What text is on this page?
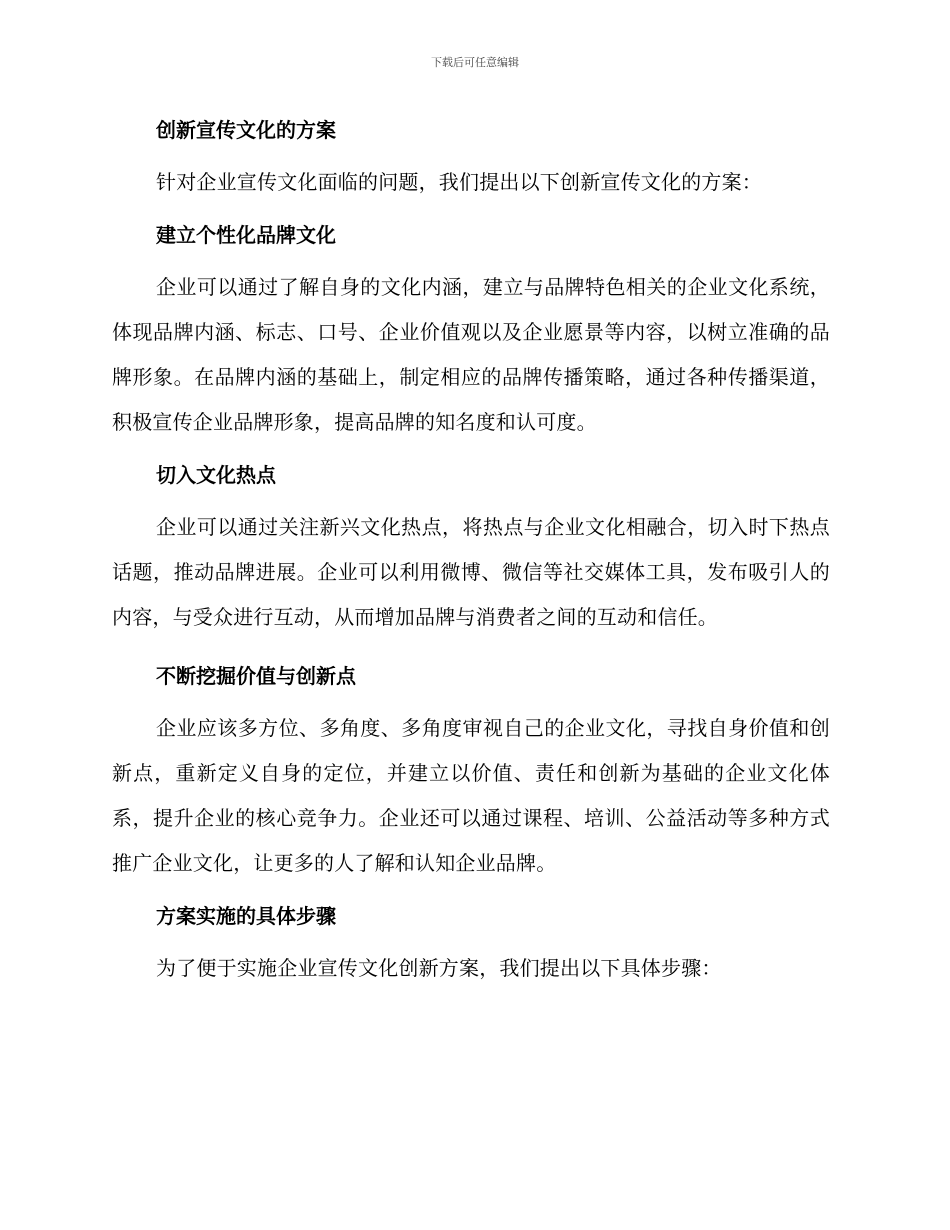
下载后可任意编辑

创新宣传文化的方案

针对企业宣传文化面临的问题，我们提出以下创新宣传文化的方案：

建立个性化品牌文化

企业可以通过了解自身的文化内涵，建立与品牌特色相关的企业文化系统，体现品牌内涵、标志、口号、企业价值观以及企业愿景等内容，以树立准确的品牌形象。在品牌内涵的基础上，制定相应的品牌传播策略，通过各种传播渠道，积极宣传企业品牌形象，提高品牌的知名度和认可度。

切入文化热点

企业可以通过关注新兴文化热点，将热点与企业文化相融合，切入时下热点话题，推动品牌进展。企业可以利用微博、微信等社交媒体工具，发布吸引人的内容，与受众进行互动，从而增加品牌与消费者之间的互动和信任。

不断挖掘价值与创新点

企业应该多方位、多角度、多角度审视自己的企业文化，寻找自身价值和创新点，重新定义自身的定位，并建立以价值、责任和创新为基础的企业文化体系，提升企业的核心竞争力。企业还可以通过课程、培训、公益活动等多种方式推广企业文化，让更多的人了解和认知企业品牌。

方案实施的具体步骤

为了便于实施企业宣传文化创新方案，我们提出以下具体步骤：
